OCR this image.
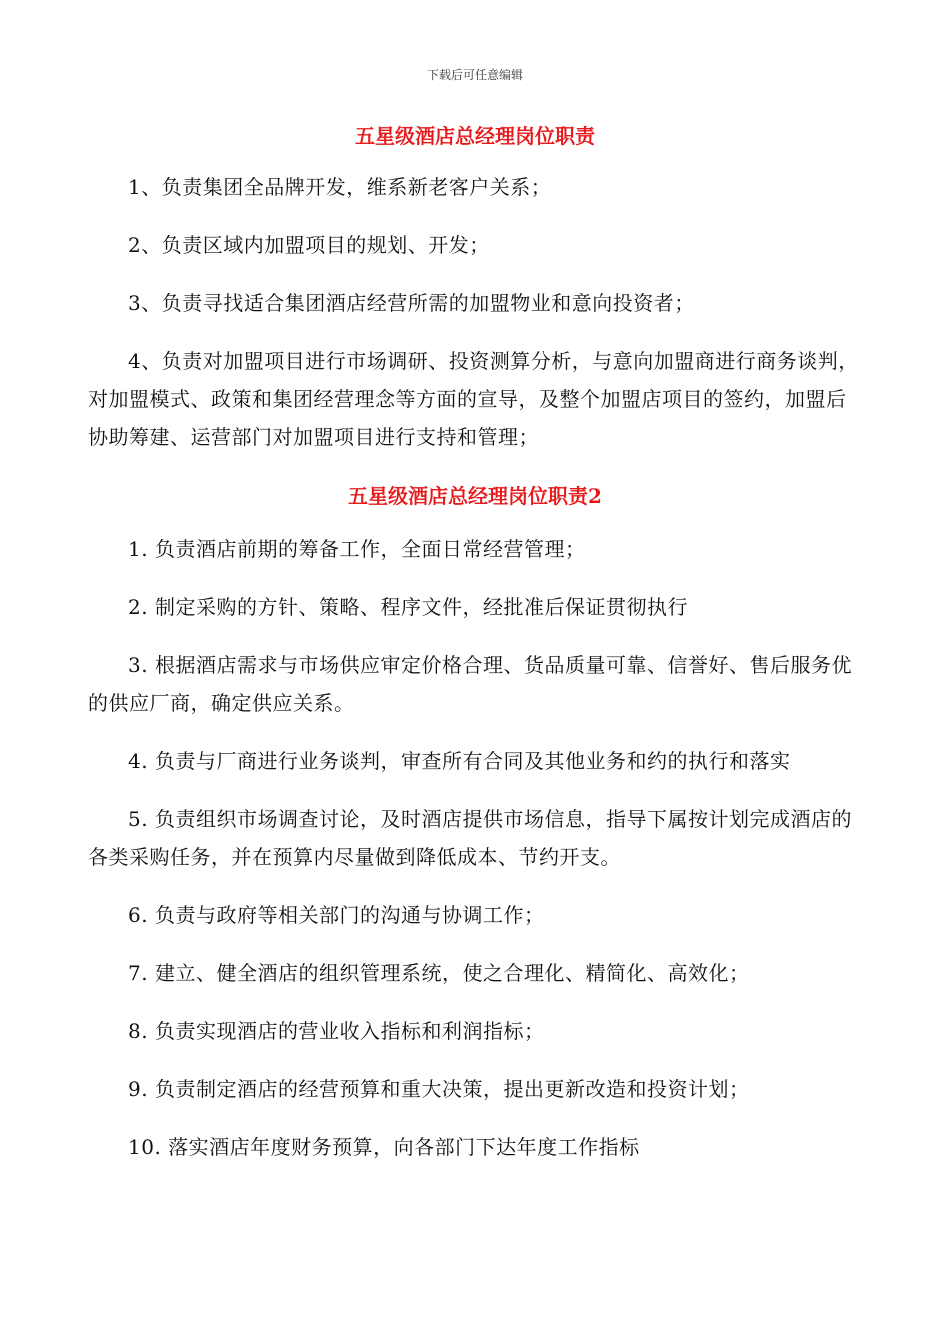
下载后可任意编辑
五星级酒店总经理岗位职责

1、负责集团全品牌开发，维系新老客户关系；

2、负责区域内加盟项目的规划、开发；

3、负责寻找适合集团酒店经营所需的加盟物业和意向投资者；

4、负责对加盟项目进行市场调研、投资测算分析，与意向加盟商进行商务谈判，对加盟模式、政策和集团经营理念等方面的宣导，及整个加盟店项目的签约，加盟后协助筹建、运营部门对加盟项目进行支持和管理；

五星级酒店总经理岗位职责2

1. 负责酒店前期的筹备工作，全面日常经营管理；

2. 制定采购的方针、策略、程序文件，经批准后保证贯彻执行

3. 根据酒店需求与市场供应审定价格合理、货品质量可靠、信誉好、售后服务优的供应厂商，确定供应关系。

4. 负责与厂商进行业务谈判，审查所有合同及其他业务和约的执行和落实

5. 负责组织市场调查讨论，及时酒店提供市场信息，指导下属按计划完成酒店的各类采购任务，并在预算内尽量做到降低成本、节约开支。

6. 负责与政府等相关部门的沟通与协调工作；

7. 建立、健全酒店的组织管理系统，使之合理化、精简化、高效化；

8. 负责实现酒店的营业收入指标和利润指标；

9. 负责制定酒店的经营预算和重大决策，提出更新改造和投资计划；

10. 落实酒店年度财务预算，向各部门下达年度工作指标
